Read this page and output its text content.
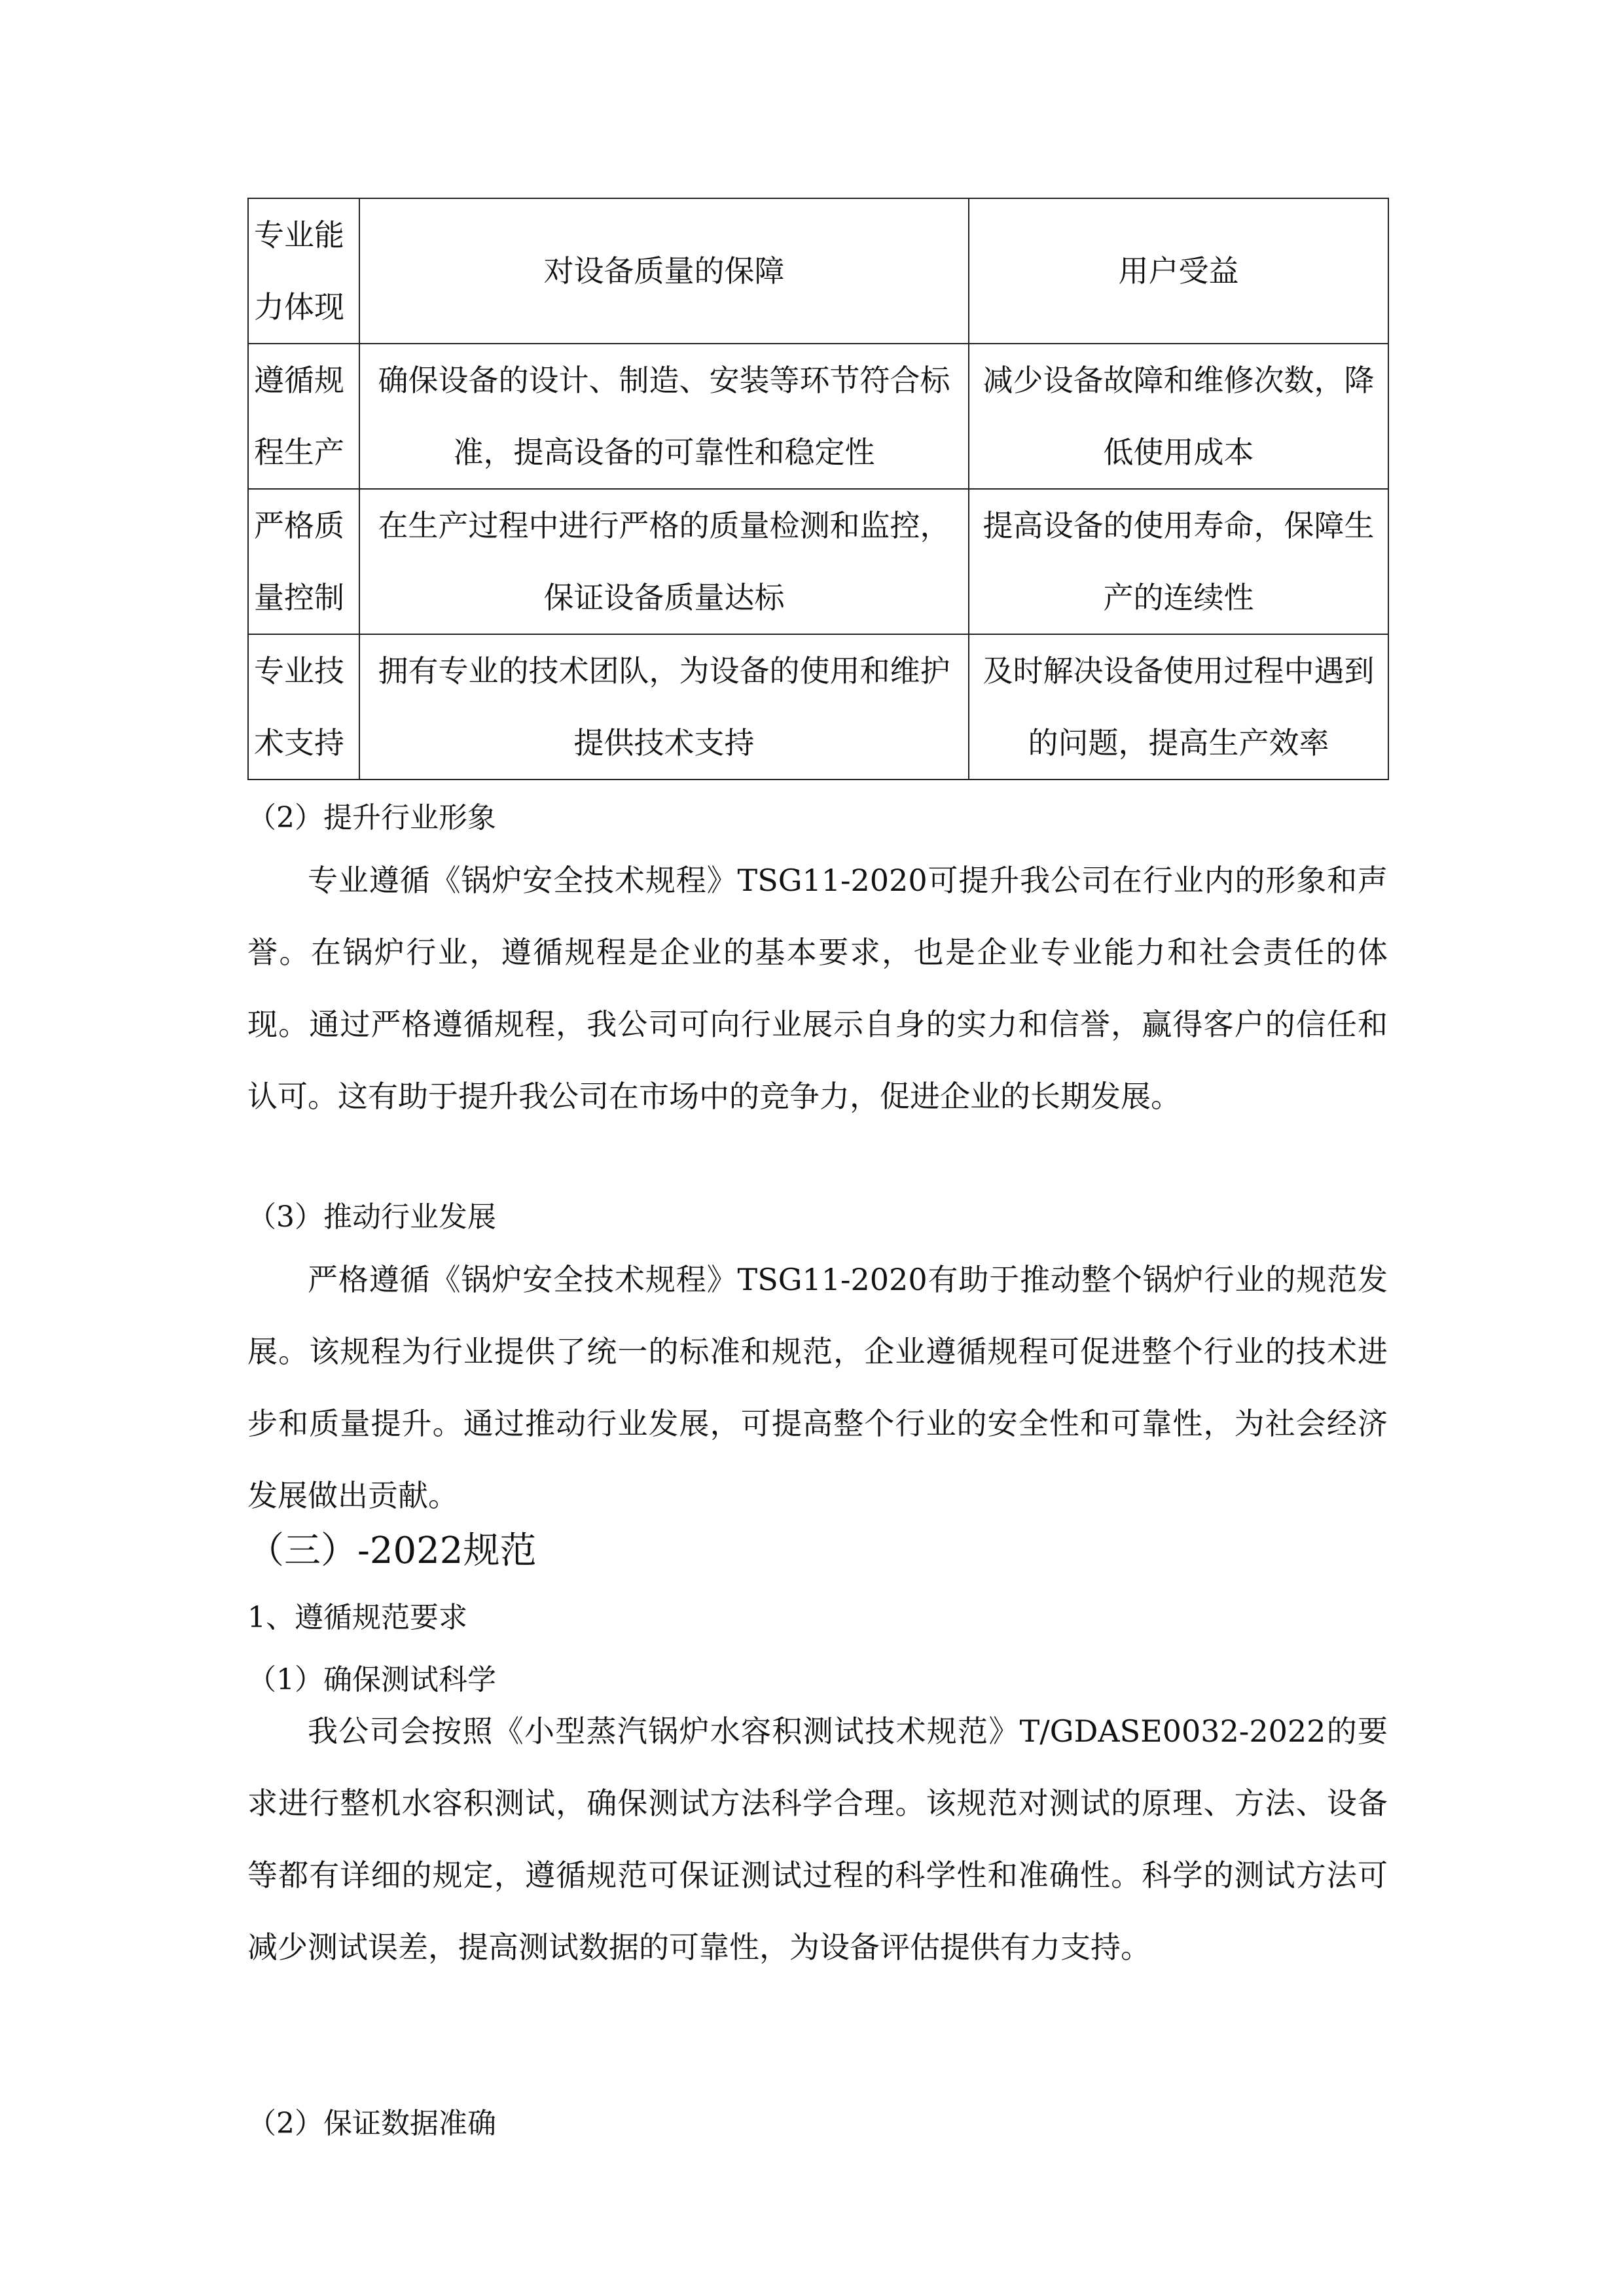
专业能力体现	对设备质量的保障	用户受益
遵循规程生产	确保设备的设计、制造、安装等环节符合标准，提高设备的可靠性和稳定性	减少设备故障和维修次数，降低使用成本
严格质量控制	在生产过程中进行严格的质量检测和监控，保证设备质量达标	提高设备的使用寿命，保障生产的连续性
专业技术支持	拥有专业的技术团队，为设备的使用和维护提供技术支持	及时解决设备使用过程中遇到的问题，提高生产效率
（2）提升行业形象
专业遵循《锅炉安全技术规程》TSG11-2020可提升我公司在行业内的形象和声誉。在锅炉行业，遵循规程是企业的基本要求，也是企业专业能力和社会责任的体现。通过严格遵循规程，我公司可向行业展示自身的实力和信誉，赢得客户的信任和认可。这有助于提升我公司在市场中的竞争力，促进企业的长期发展。
（3）推动行业发展
严格遵循《锅炉安全技术规程》TSG11-2020有助于推动整个锅炉行业的规范发展。该规程为行业提供了统一的标准和规范，企业遵循规程可促进整个行业的技术进步和质量提升。通过推动行业发展，可提高整个行业的安全性和可靠性，为社会经济发展做出贡献。
（三）-2022规范
1、遵循规范要求
（1）确保测试科学
我公司会按照《小型蒸汽锅炉水容积测试技术规范》T/GDASE0032-2022的要求进行整机水容积测试，确保测试方法科学合理。该规范对测试的原理、方法、设备等都有详细的规定，遵循规范可保证测试过程的科学性和准确性。科学的测试方法可减少测试误差，提高测试数据的可靠性，为设备评估提供有力支持。
（2）保证数据准确
